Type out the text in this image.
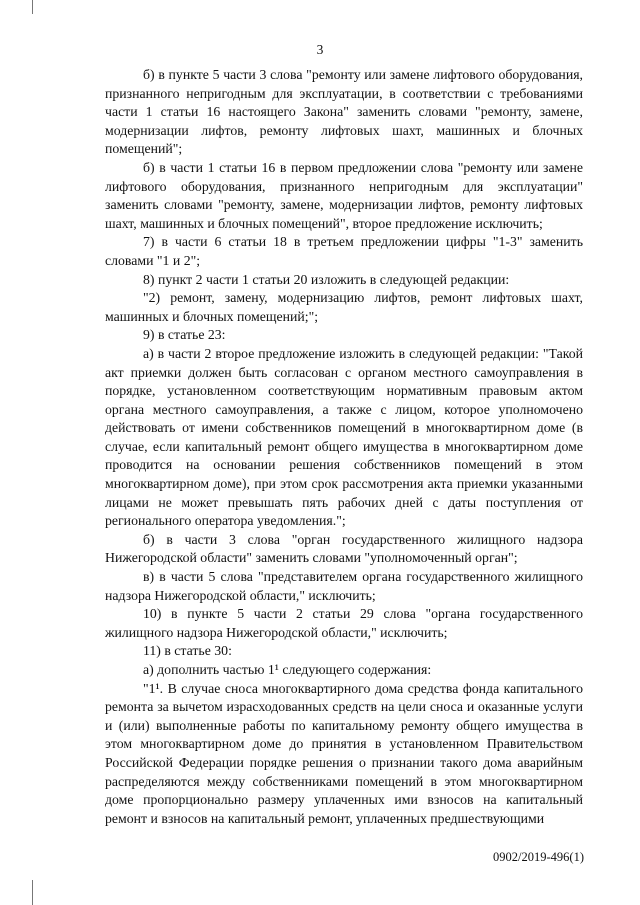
3

б) в пункте 5 части 3 слова "ремонту или замене лифтового оборудования, признанного непригодным для эксплуатации, в соответствии с требованиями части 1 статьи 16 настоящего Закона" заменить словами "ремонту, замене, модернизации лифтов, ремонту лифтовых шахт, машинных и блочных помещений";

б) в части 1 статьи 16 в первом предложении слова "ремонту или замене лифтового оборудования, признанного непригодным для эксплуатации" заменить словами "ремонту, замене, модернизации лифтов, ремонту лифтовых шахт, машинных и блочных помещений", второе предложение исключить;

7) в части 6 статьи 18 в третьем предложении цифры "1-3" заменить словами "1 и 2";

8) пункт 2 части 1 статьи 20 изложить в следующей редакции:

"2) ремонт, замену, модернизацию лифтов, ремонт лифтовых шахт, машинных и блочных помещений;";

9) в статье 23:

а) в части 2 второе предложение изложить в следующей редакции: "Такой акт приемки должен быть согласован с органом местного самоуправления в порядке, установленном соответствующим нормативным правовым актом органа местного самоуправления, а также с лицом, которое уполномочено действовать от имени собственников помещений в многоквартирном доме (в случае, если капитальный ремонт общего имущества в многоквартирном доме проводится на основании решения собственников помещений в этом многоквартирном доме), при этом срок рассмотрения акта приемки указанными лицами не может превышать пять рабочих дней с даты поступления от регионального оператора уведомления.";

б) в части 3 слова "орган государственного жилищного надзора Нижегородской области" заменить словами "уполномоченный орган";

в) в части 5 слова "представителем органа государственного жилищного надзора Нижегородской области," исключить;

10) в пункте 5 части 2 статьи 29 слова "органа государственного жилищного надзора Нижегородской области," исключить;

11) в статье 30:

а) дополнить частью 1¹ следующего содержания:

"1¹. В случае сноса многоквартирного дома средства фонда капитального ремонта за вычетом израсходованных средств на цели сноса и оказанные услуги и (или) выполненные работы по капитальному ремонту общего имущества в этом многоквартирном доме до принятия в установленном Правительством Российской Федерации порядке решения о признании такого дома аварийным распределяются между собственниками помещений в этом многоквартирном доме пропорционально размеру уплаченных ими взносов на капитальный ремонт и взносов на капитальный ремонт, уплаченных предшествующими

0902/2019-496(1)
